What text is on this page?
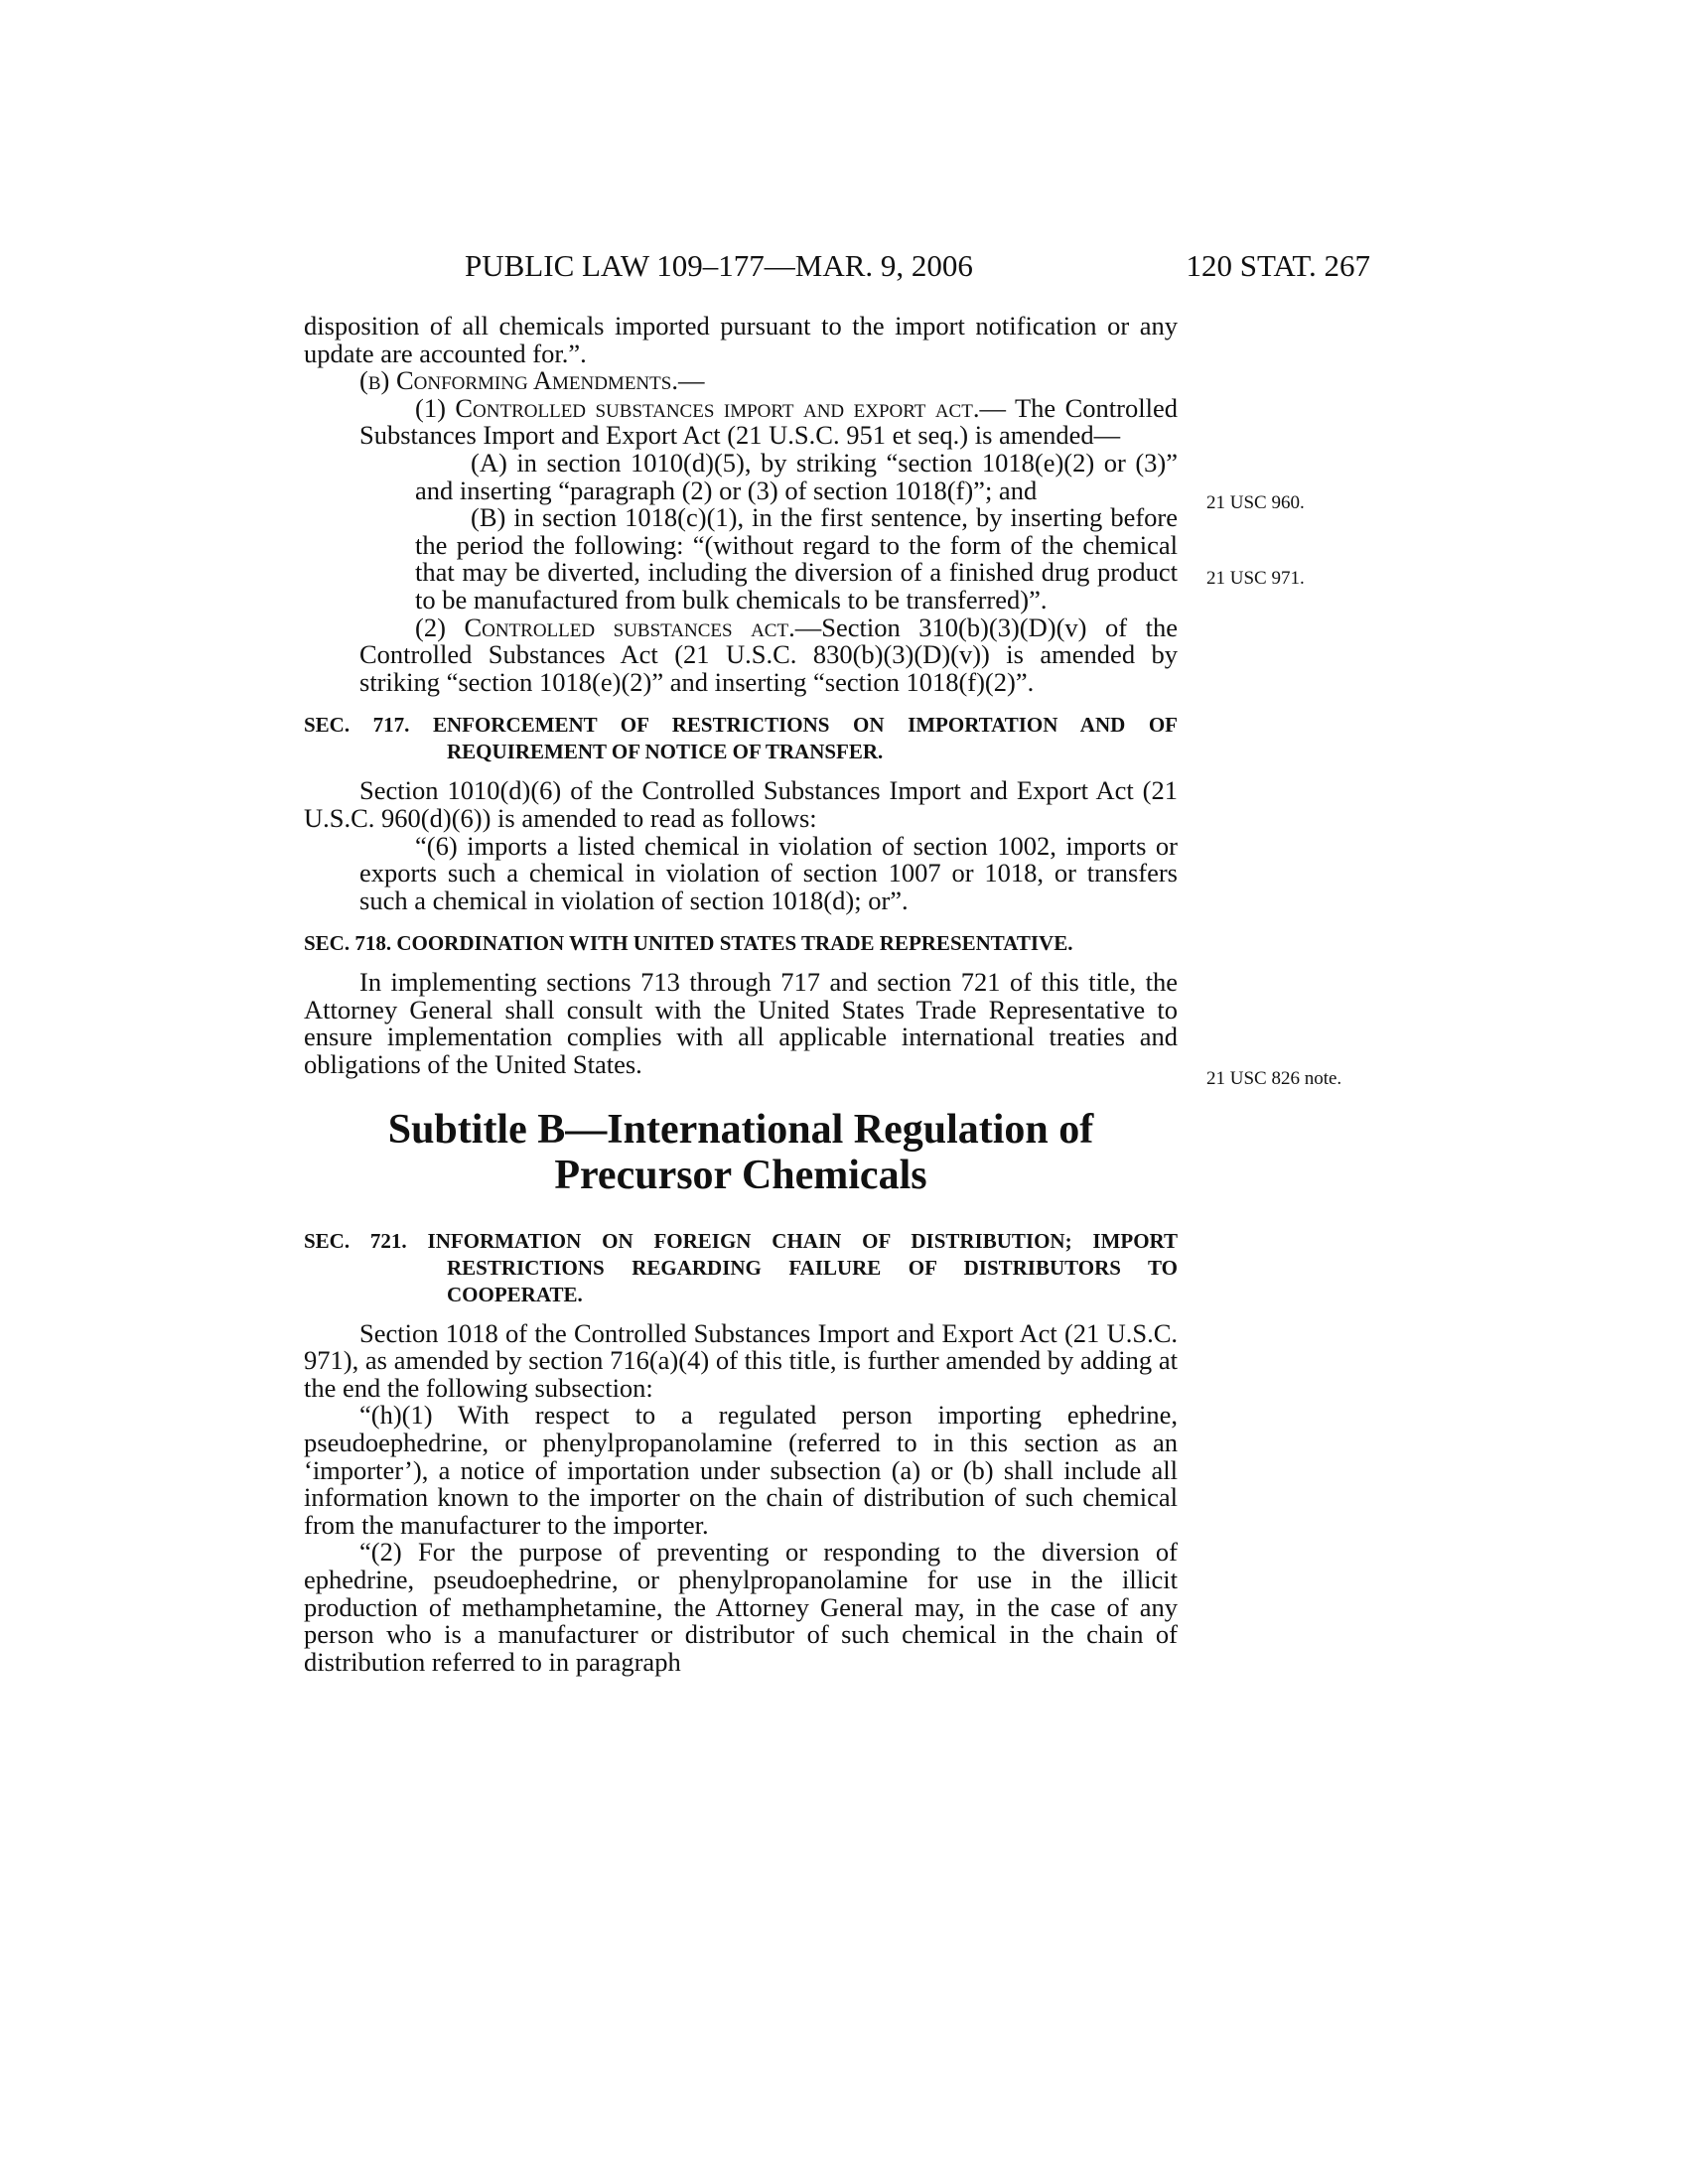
PUBLIC LAW 109–177—MAR. 9, 2006	120 STAT. 267
21 USC 960.
21 USC 971.
21 USC 826 note.

disposition of all chemicals imported pursuant to the import notification or any update are accounted for.”.

(b) Conforming Amendments.—

(1) Controlled substances import and export act.— The Controlled Substances Import and Export Act (21 U.S.C. 951 et seq.) is amended—

(A) in section 1010(d)(5), by striking “section 1018(e)(2) or (3)” and inserting “paragraph (2) or (3) of section 1018(f)”; and

(B) in section 1018(c)(1), in the first sentence, by inserting before the period the following: “(without regard to the form of the chemical that may be diverted, including the diversion of a finished drug product to be manufactured from bulk chemicals to be transferred)”.

(2) Controlled substances act.—Section 310(b)(3)(D)(v) of the Controlled Substances Act (21 U.S.C. 830(b)(3)(D)(v)) is amended by striking “section 1018(e)(2)” and inserting “section 1018(f)(2)”.

SEC. 717. ENFORCEMENT OF RESTRICTIONS ON IMPORTATION AND OF REQUIREMENT OF NOTICE OF TRANSFER.

Section 1010(d)(6) of the Controlled Substances Import and Export Act (21 U.S.C. 960(d)(6)) is amended to read as follows:

“(6) imports a listed chemical in violation of section 1002, imports or exports such a chemical in violation of section 1007 or 1018, or transfers such a chemical in violation of section 1018(d); or”.

SEC. 718. COORDINATION WITH UNITED STATES TRADE REPRESENTATIVE.

In implementing sections 713 through 717 and section 721 of this title, the Attorney General shall consult with the United States Trade Representative to ensure implementation complies with all applicable international treaties and obligations of the United States.

Subtitle B—International Regulation of Precursor Chemicals

SEC. 721. INFORMATION ON FOREIGN CHAIN OF DISTRIBUTION; IMPORT RESTRICTIONS REGARDING FAILURE OF DISTRIBUTORS TO COOPERATE.

Section 1018 of the Controlled Substances Import and Export Act (21 U.S.C. 971), as amended by section 716(a)(4) of this title, is further amended by adding at the end the following subsection:

“(h)(1) With respect to a regulated person importing ephedrine, pseudoephedrine, or phenylpropanolamine (referred to in this section as an ‘importer’), a notice of importation under subsection (a) or (b) shall include all information known to the importer on the chain of distribution of such chemical from the manufacturer to the importer.

“(2) For the purpose of preventing or responding to the diversion of ephedrine, pseudoephedrine, or phenylpropanolamine for use in the illicit production of methamphetamine, the Attorney General may, in the case of any person who is a manufacturer or distributor of such chemical in the chain of distribution referred to in paragraph
